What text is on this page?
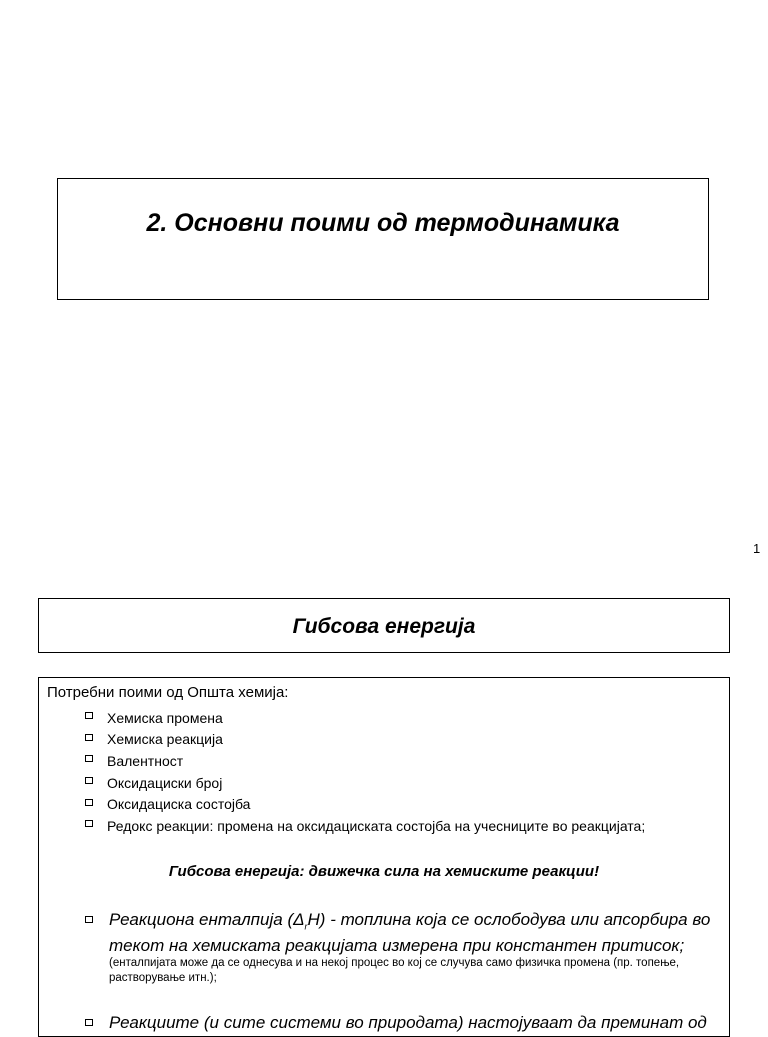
2. Основни поими од термодинамика
1
Гибсова енергија
Потребни поими од Општа хемија:
Хемиска промена
Хемиска реакција
Валентност
Оксидациски број
Оксидациска состојба
Редокс реакции: промена на оксидациската состојба на учесниците во реакцијата;
Гибсова енергија: движечка сила на хемиските реакции!
Реакциона енталпија $(\Delta_rH)$ - топлина која се ослободува или апсорбира во текот на хемиската реакцијата измерена при константен притисок;
(енталпијата може да се однесува и на некој процес во кој се случува само физичка промена (пр. топење, растворување итн.);
Реакциите (и сите системи во природата) настојуваат да преминат од
